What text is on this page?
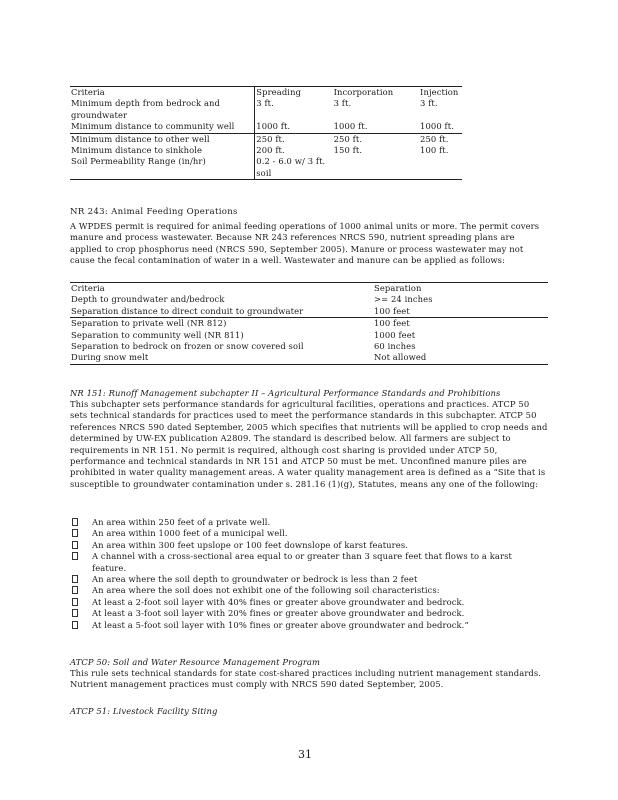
Criteria	Spreading	Incorporation	Injection
Minimum depth from bedrock and groundwater	3 ft.	3 ft.	3 ft.
Minimum distance to community well	1000 ft.	1000 ft.	1000 ft.
Minimum distance to other well	250 ft.	250 ft.	250 ft.
Minimum distance to sinkhole	200 ft.	150 ft.	100 ft.
Soil Permeability Range (in/hr)	0.2 - 6.0 w/ 3 ft. soil		
NR 243: Animal Feeding Operations

A WPDES permit is required for animal feeding operations of 1000 animal units or more. The permit covers manure and process wastewater. Because NR 243 references NRCS 590, nutrient spreading plans are applied to crop phosphorus need (NRCS 590, September 2005). Manure or process wastewater may not cause the fecal contamination of water in a well. Wastewater and manure can be applied as follows:

Criteria	Separation
Depth to groundwater and/bedrock	>= 24 inches
Separation distance to direct conduit to groundwater	100 feet
Separation to private well (NR 812)	100 feet
Separation to community well (NR 811)	1000 feet
Separation to bedrock on frozen or snow covered soil	60 inches
During snow melt	Not allowed

NR 151: Runoff Management subchapter II – Agricultural Performance Standards and Prohibitions

This subchapter sets performance standards for agricultural facilities, operations and practices. ATCP 50 sets technical standards for practices used to meet the performance standards in this subchapter. ATCP 50 references NRCS 590 dated September, 2005 which specifies that nutrients will be applied to crop needs and determined by UW-EX publication A2809. The standard is described below. All farmers are subject to requirements in NR 151. No permit is required, although cost sharing is provided under ATCP 50, performance and technical standards in NR 151 and ATCP 50 must be met. Unconfined manure piles are prohibited in water quality management areas. A water quality management area is defined as a “Site that is susceptible to groundwater contamination under s. 281.16 (1)(g), Statutes, means any one of the following:

An area within 250 feet of a private well.
An area within 1000 feet of a municipal well.
An area within 300 feet upslope or 100 feet downslope of karst features.
A channel with a cross-sectional area equal to or greater than 3 square feet that flows to a karst feature.
An area where the soil depth to groundwater or bedrock is less than 2 feet
An area where the soil does not exhibit one of the following soil characteristics:
At least a 2-foot soil layer with 40% fines or greater above groundwater and bedrock.
At least a 3-foot soil layer with 20% fines or greater above groundwater and bedrock.
At least a 5-foot soil layer with 10% fines or greater above groundwater and bedrock.”

ATCP 50: Soil and Water Resource Management Program

This rule sets technical standards for state cost-shared practices including nutrient management standards. Nutrient management practices must comply with NRCS 590 dated September, 2005.

ATCP 51: Livestock Facility Siting

31
